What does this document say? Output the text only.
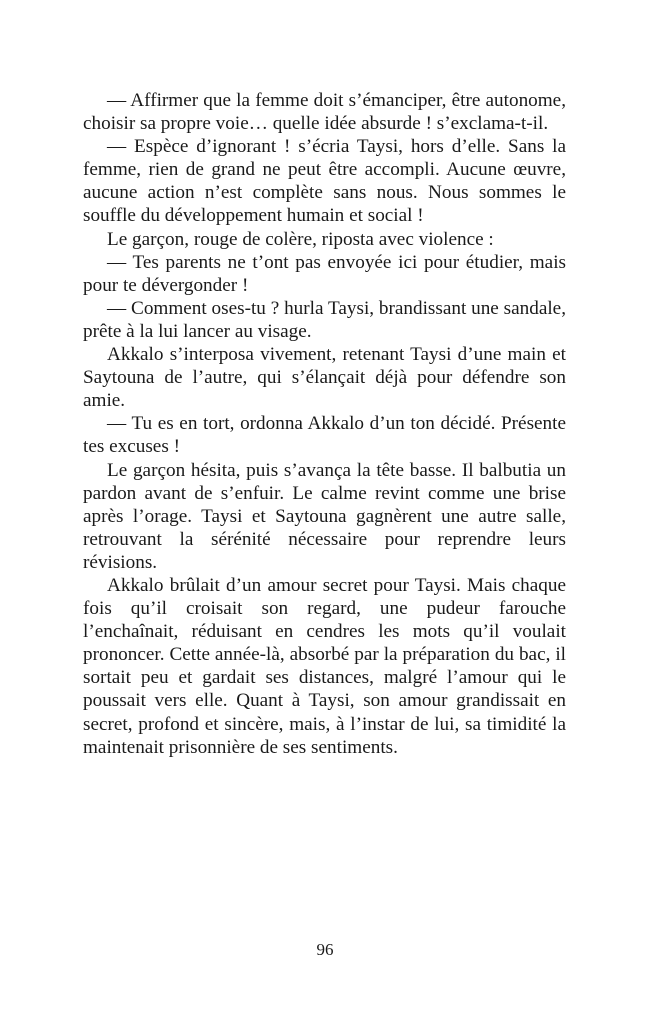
— Affirmer que la femme doit s’émanciper, être autonome, choisir sa propre voie… quelle idée absurde ! s’exclama-t-il.

— Espèce d’ignorant ! s’écria Taysi, hors d’elle. Sans la femme, rien de grand ne peut être accompli. Aucune œuvre, aucune action n’est complète sans nous. Nous sommes le souffle du développement humain et social !

Le garçon, rouge de colère, riposta avec violence :

— Tes parents ne t’ont pas envoyée ici pour étudier, mais pour te dévergonder !

— Comment oses-tu ? hurla Taysi, brandissant une sandale, prête à la lui lancer au visage.

Akkalo s’interposa vivement, retenant Taysi d’une main et Saytouna de l’autre, qui s’élançait déjà pour défendre son amie.

— Tu es en tort, ordonna Akkalo d’un ton décidé. Présente tes excuses !

Le garçon hésita, puis s’avança la tête basse. Il balbutia un pardon avant de s’enfuir. Le calme revint comme une brise après l’orage. Taysi et Saytouna gagnèrent une autre salle, retrouvant la sérénité nécessaire pour reprendre leurs révisions.

Akkalo brûlait d’un amour secret pour Taysi. Mais chaque fois qu’il croisait son regard, une pudeur farouche l’enchaînait, réduisant en cendres les mots qu’il voulait prononcer. Cette année-là, absorbé par la préparation du bac, il sortait peu et gardait ses distances, malgré l’amour qui le poussait vers elle. Quant à Taysi, son amour grandissait en secret, profond et sincère, mais, à l’instar de lui, sa timidité la maintenait prisonnière de ses sentiments.

96
